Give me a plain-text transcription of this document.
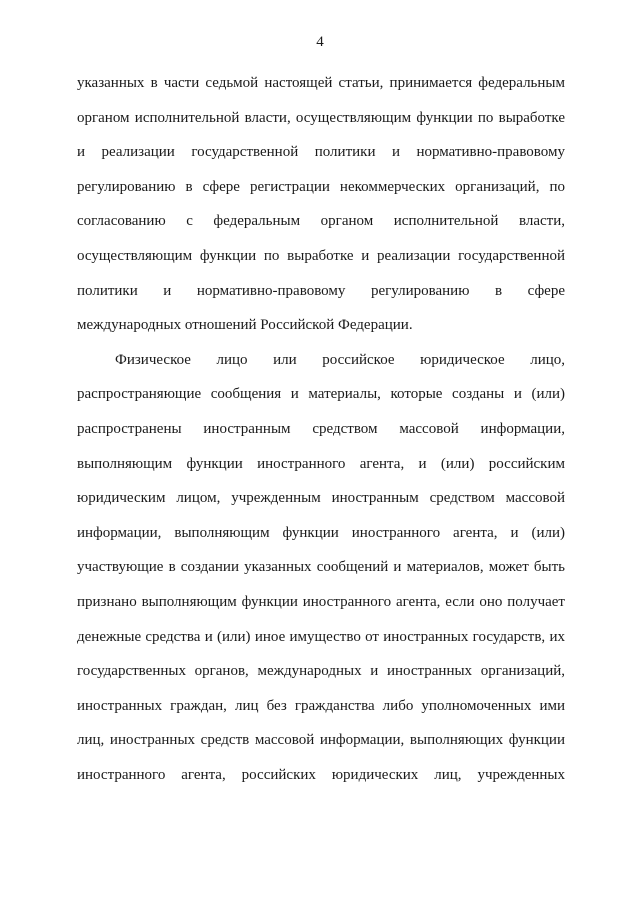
4
указанных в части седьмой настоящей статьи, принимается федеральным
органом исполнительной власти, осуществляющим функции по выработке
и реализации государственной политики и нормативно-правовому
регулированию в сфере регистрации некоммерческих организаций, по
согласованию с федеральным органом исполнительной власти,
осуществляющим функции по выработке и реализации государственной
политики и нормативно-правовому регулированию в сфере
международных отношений Российской Федерации.
Физическое лицо или российское юридическое лицо,
распространяющие сообщения и материалы, которые созданы и (или)
распространены иностранным средством массовой информации,
выполняющим функции иностранного агента, и (или) российским
юридическим лицом, учрежденным иностранным средством массовой
информации, выполняющим функции иностранного агента, и (или)
участвующие в создании указанных сообщений и материалов, может быть
признано выполняющим функции иностранного агента, если оно получает
денежные средства и (или) иное имущество от иностранных государств, их
государственных органов, международных и иностранных организаций,
иностранных граждан, лиц без гражданства либо уполномоченных ими
лиц, иностранных средств массовой информации, выполняющих функции
иностранного агента, российских юридических лиц, учрежденных
